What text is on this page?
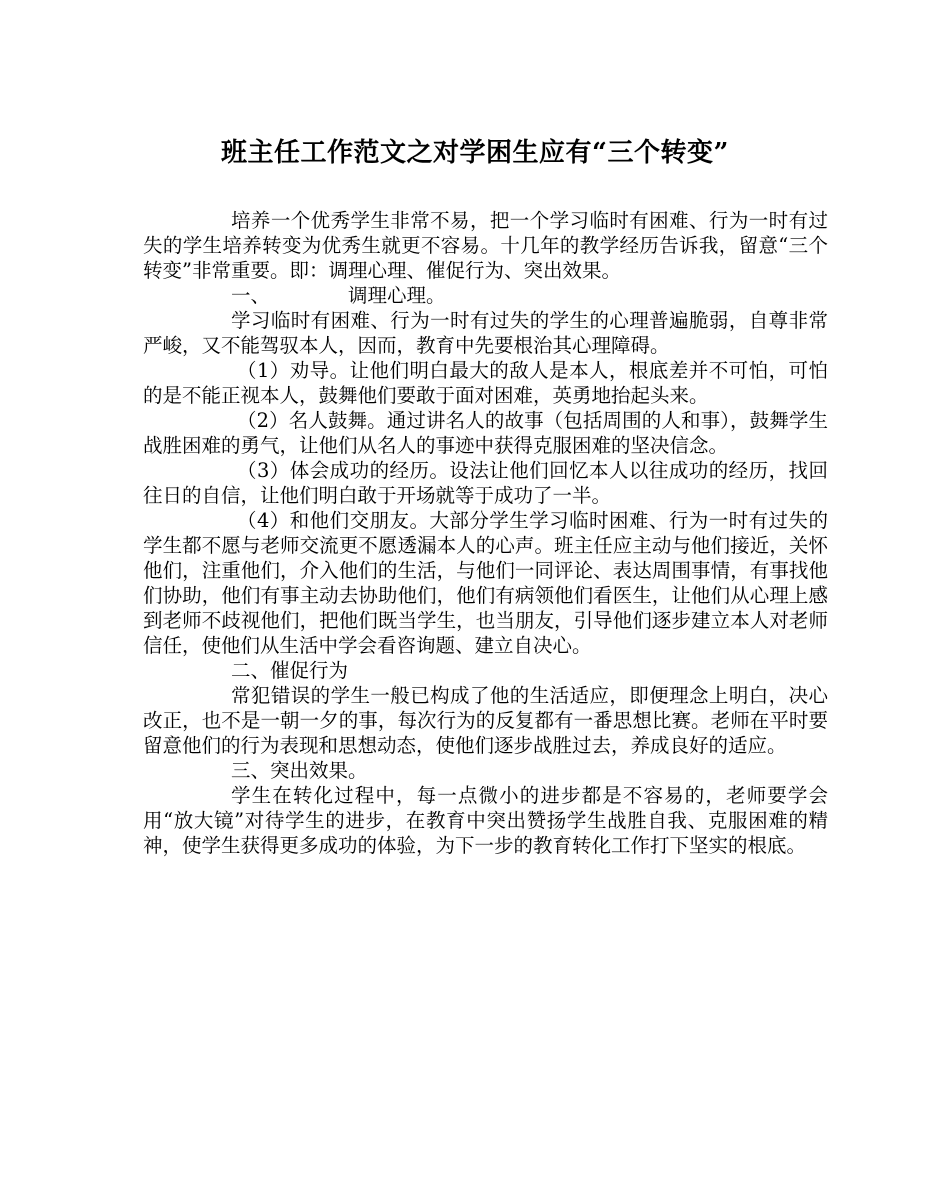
班主任工作范文之对学困生应有“三个转变”

培养一个优秀学生非常不易，把一个学习临时有困难、行为一时有过失的学生培养转变为优秀生就更不容易。十几年的教学经历告诉我，留意“三个转变”非常重要。即：调理心理、催促行为、突出效果。

一、	调理心理。

学习临时有困难、行为一时有过失的学生的心理普遍脆弱，自尊非常严峻，又不能驾驭本人，因而，教育中先要根治其心理障碍。

（1）劝导。让他们明白最大的敌人是本人，根底差并不可怕，可怕的是不能正视本人，鼓舞他们要敢于面对困难，英勇地抬起头来。

（2）名人鼓舞。通过讲名人的故事（包括周围的人和事），鼓舞学生战胜困难的勇气，让他们从名人的事迹中获得克服困难的坚决信念。

（3）体会成功的经历。设法让他们回忆本人以往成功的经历，找回往日的自信，让他们明白敢于开场就等于成功了一半。

（4）和他们交朋友。大部分学生学习临时困难、行为一时有过失的学生都不愿与老师交流更不愿透漏本人的心声。班主任应主动与他们接近，关怀他们，注重他们，介入他们的生活，与他们一同评论、表达周围事情，有事找他们协助，他们有事主动去协助他们，他们有病领他们看医生，让他们从心理上感到老师不歧视他们，把他们既当学生，也当朋友，引导他们逐步建立本人对老师信任，使他们从生活中学会看咨询题、建立自决心。

二、催促行为

常犯错误的学生一般已构成了他的生活适应，即便理念上明白，决心改正，也不是一朝一夕的事，每次行为的反复都有一番思想比赛。老师在平时要留意他们的行为表现和思想动态，使他们逐步战胜过去，养成良好的适应。

三、突出效果。

学生在转化过程中，每一点微小的进步都是不容易的，老师要学会用“放大镜”对待学生的进步，在教育中突出赞扬学生战胜自我、克服困难的精神，使学生获得更多成功的体验，为下一步的教育转化工作打下坚实的根底。
